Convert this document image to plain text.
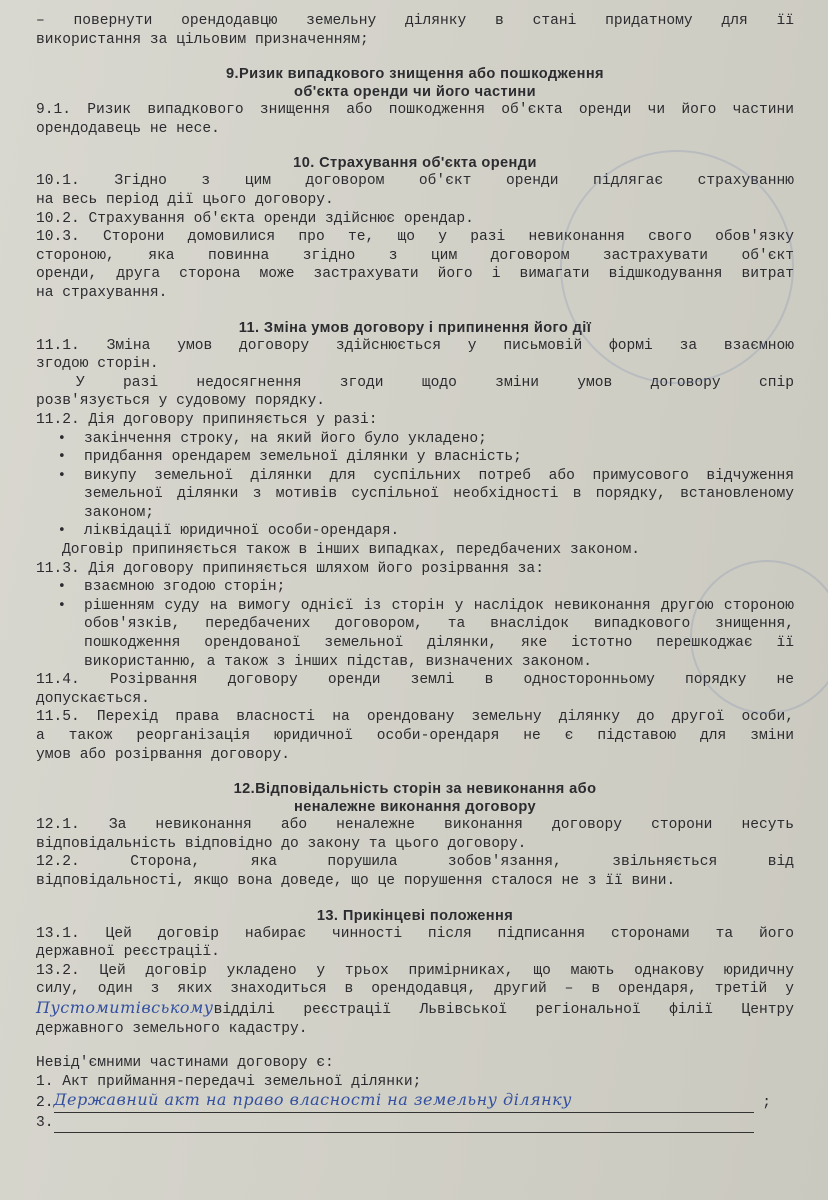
– повернути орендодавцю земельну ділянку в стані придатному для її

використання за цільовим призначенням;

9.Ризик випадкового знищення або пошкодження

об'єкта оренди чи його частини

9.1. Ризик випадкового знищення або пошкодження об'єкта оренди чи його частини

орендодавець не несе.

10. Страхування об'єкта оренди

10.1. Згідно з цим договором об'єкт оренди підлягає страхуванню

на весь період дії цього договору.

10.2. Страхування об'єкта оренди здійснює орендар.

10.3. Сторони домовилися про те, що у разі невиконання свого обов'язку

стороною, яка повинна згідно з цим договором застрахувати об'єкт

оренди, друга сторона може застрахувати його і вимагати відшкодування витрат

на страхування.

11. Зміна умов договору і припинення його дії

11.1. Зміна умов договору здійснюється у письмовій формі за взаємною

згодою сторін.

У разі недосягнення згоди щодо зміни умов договору спір

розв'язується у судовому порядку.

11.2. Дія договору припиняється у разі:

• закінчення строку, на який його було укладено;
• придбання орендарем земельної ділянки у власність;
• викупу земельної ділянки для суспільних потреб або примусового відчуження земельної ділянки з мотивів суспільної необхідності в порядку, встановленому законом;
• ліквідації юридичної особи-орендаря.

Договір припиняється також в інших випадках, передбачених законом.

11.3. Дія договору припиняється шляхом його розірвання за:

• взаємною згодою сторін;
• рішенням суду на вимогу однієї із сторін у наслідок невиконання другою стороною обов'язків, передбачених договором, та внаслідок випадкового знищення, пошкодження орендованої земельної ділянки, яке істотно перешкоджає її використанню, а також з інших підстав, визначених законом.

11.4. Розірвання договору оренди землі в односторонньому порядку не

допускається.

11.5. Перехід права власності на орендовану земельну ділянку до другої особи,

а також реорганізація юридичної особи-орендаря не є підставою для зміни

умов або розірвання договору.

12.Відповідальність сторін за невиконання або

неналежне виконання договору

12.1. За невиконання або неналежне виконання договору сторони несуть

відповідальність відповідно до закону та цього договору.

12.2. Сторона, яка порушила зобов'язання, звільняється від

відповідальності, якщо вона доведе, що це порушення сталося не з її вини.

13. Прикінцеві положення

13.1. Цей договір набирає чинності після підписання сторонами та його

державної реєстрації.

13.2. Цей договір укладено у трьох примірниках, що мають однакову юридичну

силу, один з яких знаходиться в орендодавця, другий – в орендаря, третій у

Пустомитівськомувідділі реєстрації Львівської регіональної філії Центру

державного земельного кадастру.

Невід'ємними частинами договору є:

1. Акт приймання-передачі земельної ділянки;

2.Державний акт на право власності на земельну ділянку	;

3.
